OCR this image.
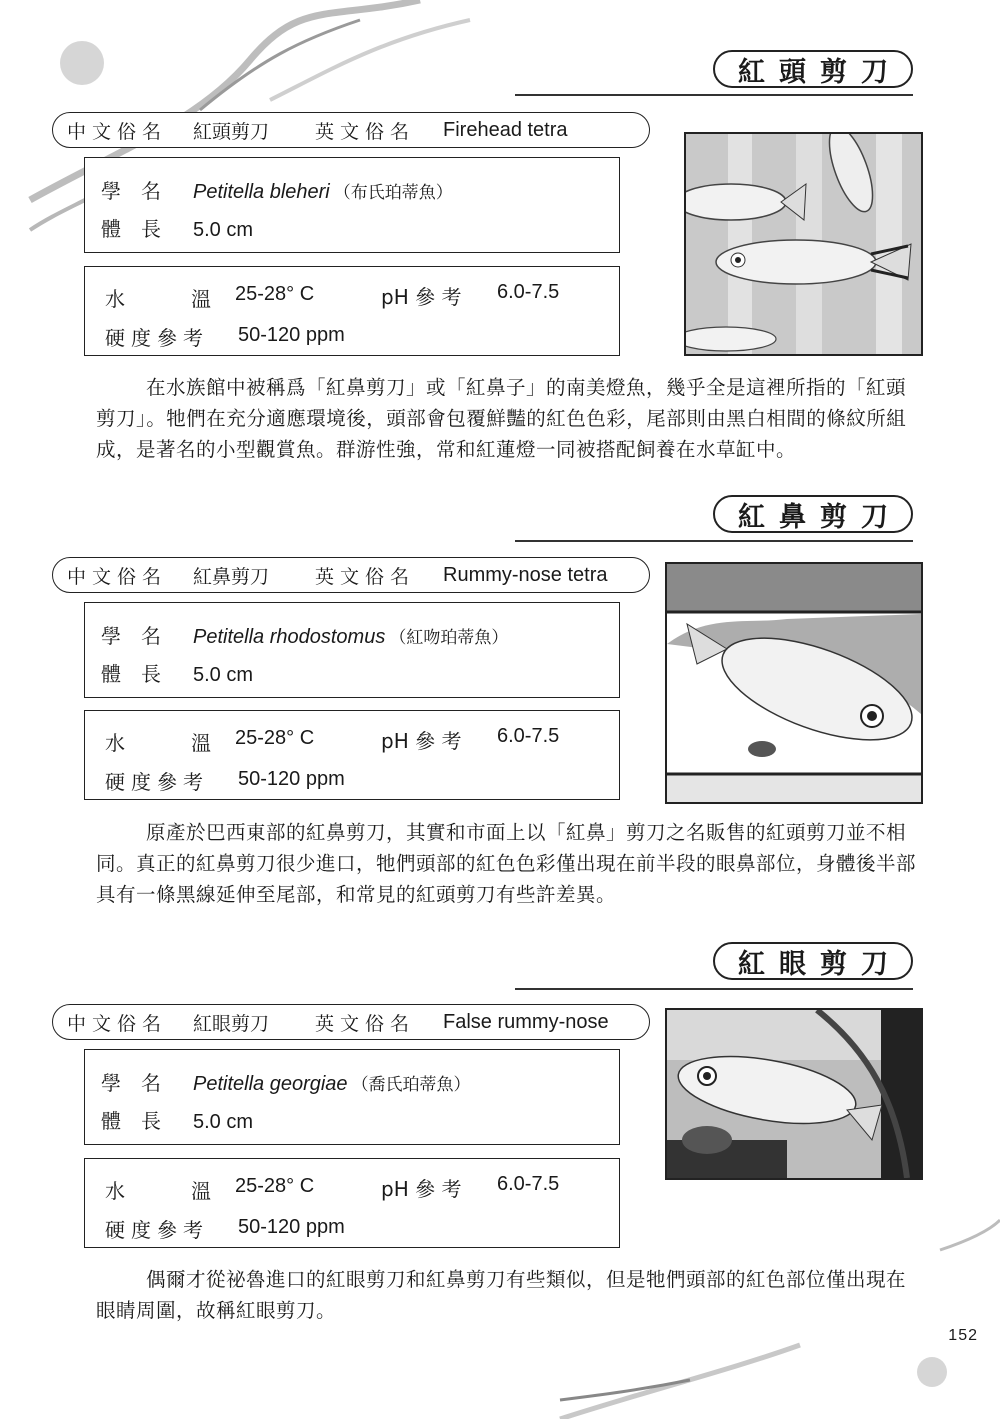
紅頭剪刀
中文俗名 紅頭剪刀 英文俗名 Firehead tetra
學　名	Petitella bleheri （布氏珀蒂魚）
體　長	5.0 cm
水	溫 25-28° C	pH 參 考 6.0-7.5
硬度參考 50-120 ppm

在水族館中被稱爲「紅鼻剪刀」或「紅鼻子」的南美燈魚，幾乎全是這裡所指的「紅頭剪刀」。牠們在充分適應環境後，頭部會包覆鮮豔的紅色色彩，尾部則由黑白相間的條紋所組成，是著名的小型觀賞魚。群游性強，常和紅蓮燈一同被搭配飼養在水草缸中。

紅鼻剪刀
中文俗名 紅鼻剪刀 英文俗名 Rummy-nose tetra
學　名	Petitella rhodostomus （紅吻珀蒂魚）
體　長	5.0 cm
水	溫 25-28° C	pH 參 考 6.0-7.5
硬度參考 50-120 ppm

原產於巴西東部的紅鼻剪刀，其實和市面上以「紅鼻」剪刀之名販售的紅頭剪刀並不相同。真正的紅鼻剪刀很少進口，牠們頭部的紅色色彩僅出現在前半段的眼鼻部位，身體後半部具有一條黑線延伸至尾部，和常見的紅頭剪刀有些許差異。

紅眼剪刀
中文俗名 紅眼剪刀 英文俗名 False rummy-nose
學　名	Petitella georgiae （喬氏珀蒂魚）
體　長	5.0 cm
水	溫 25-28° C	pH 參 考 6.0-7.5
硬度參考 50-120 ppm

偶爾才從祕魯進口的紅眼剪刀和紅鼻剪刀有些類似，但是牠們頭部的紅色部位僅出現在眼睛周圍，故稱紅眼剪刀。

152
